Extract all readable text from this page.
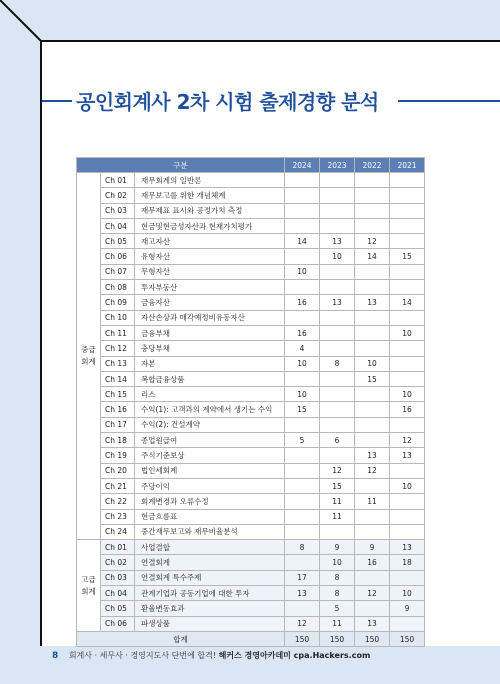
공인회계사 2차 시험 출제경향 분석
구분			2024	2023	2022	2021
중급
회계	Ch 01	재무회계의 일반론				
	Ch 02	재무보고를 위한 개념체계				
	Ch 03	재무제표 표시와 공정가치 측정				
	Ch 04	현금및현금성자산과 현재가치평가				
	Ch 05	재고자산	14	13	12	
	Ch 06	유형자산		10	14	15
	Ch 07	무형자산	10			
	Ch 08	투자부동산				
	Ch 09	금융자산	16	13	13	14
	Ch 10	자산손상과 매각예정비유동자산				
	Ch 11	금융부채	16			10
	Ch 12	충당부채	4			
	Ch 13	자본	10	8	10	
	Ch 14	복합금융상품			15	
	Ch 15	리스	10			10
	Ch 16	수익(1): 고객과의 계약에서 생기는 수익	15			16
	Ch 17	수익(2): 건설계약				
	Ch 18	종업원급여	5	6		12
	Ch 19	주식기준보상			13	13
	Ch 20	법인세회계		12	12	
	Ch 21	주당이익		15		10
	Ch 22	회계변경과 오류수정		11	11	
	Ch 23	현금흐름표		11		
	Ch 24	중간재무보고와 재무비율분석				
고급
회계	Ch 01	사업결합	8	9	9	13
	Ch 02	연결회계		10	16	18
	Ch 03	연결회계 특수주제	17	8		
	Ch 04	관계기업과 공동기업에 대한 투자	13	8	12	10
	Ch 05	환율변동효과		5		9
	Ch 06	파생상품	12	11	13	
합계			150	150	150	150
8 회계사 · 세무사 · 경영지도사 단번에 합격! 해커스 경영아카데미 cpa.Hackers.com
